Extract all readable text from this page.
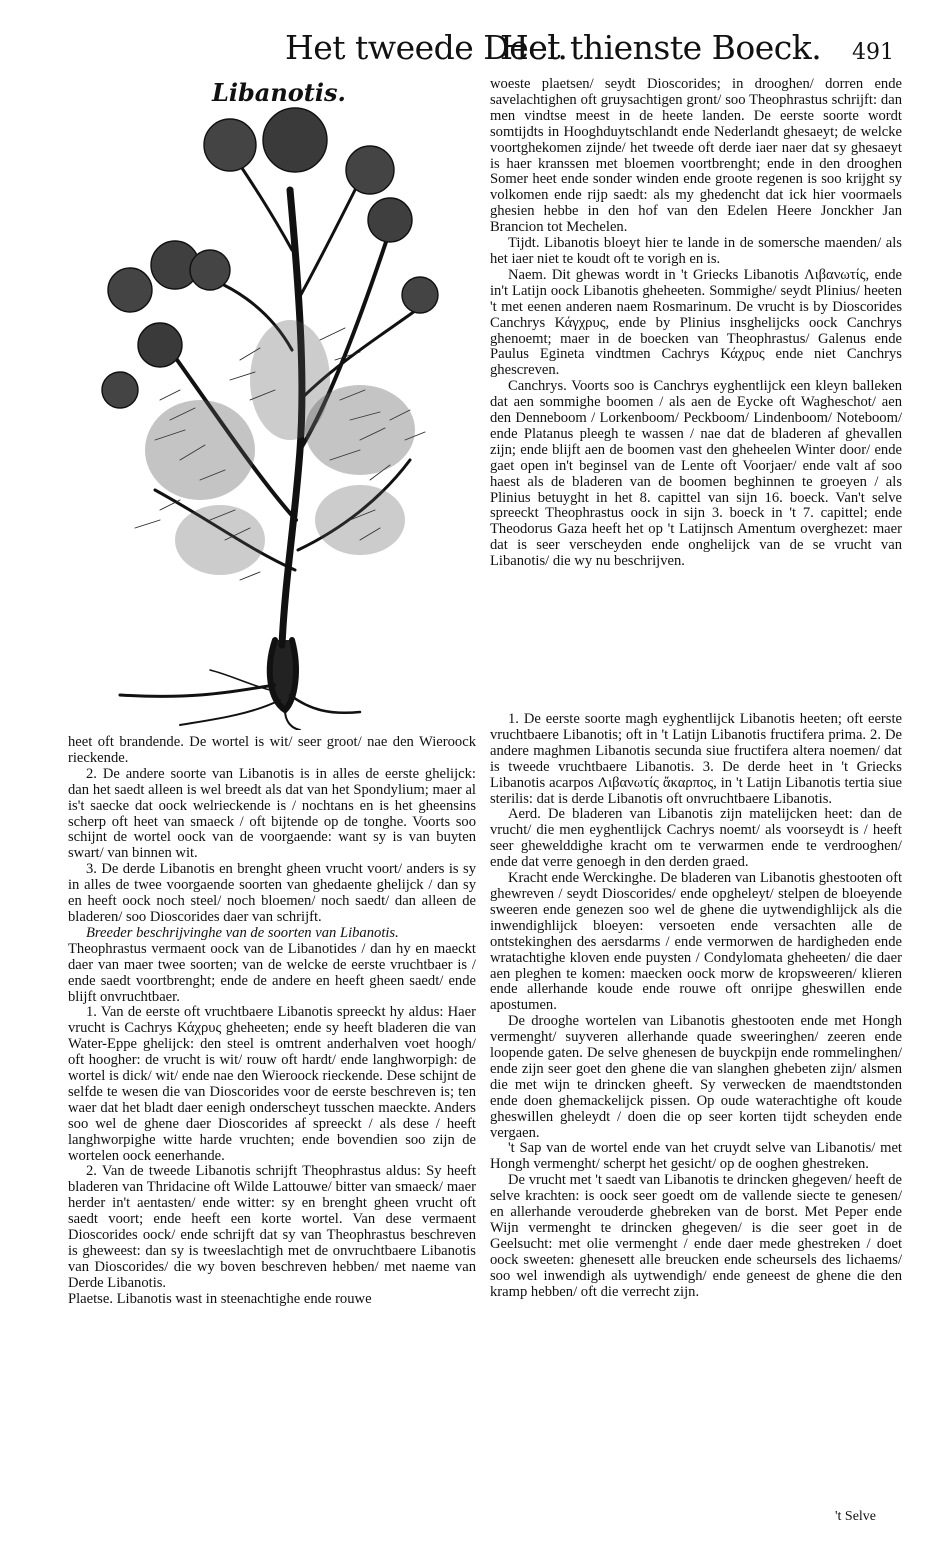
Het tweede Deel.
Het thienste Boeck. 491
Libanotis.

heet oft brandende. De wortel is wit/ seer groot/ nae den Wieroock rieckende.

2. De andere soorte van Libanotis is in alles de eerste ghelijck: dan het saedt alleen is wel breedt als dat van het Spondylium; maer al is't saecke dat oock welrieckende is / nochtans en is het gheensins scherp oft heet van smaeck / oft bijtende op de tonghe. Voorts soo schijnt de wortel oock van de voorgaende: want sy is van buyten swart/ van binnen wit.

3. De derde Libanotis en brenght gheen vrucht voort/ anders is sy in alles de twee voorgaende soorten van ghedaente ghelijck / dan sy en heeft oock noch steel/ noch bloemen/ noch saedt/ dan alleen de bladeren/ soo Dioscorides daer van schrijft.

Breeder beschrijvinghe van de soorten van Libanotis.

Theophrastus vermaent oock van de Libanotides / dan hy en maeckt daer van maer twee soorten; van de welcke de eerste vruchtbaer is / ende saedt voortbrenght; ende de andere en heeft gheen saedt/ ende blijft onvruchtbaer.

1. Van de eerste oft vruchtbaere Libanotis spreeckt hy aldus: Haer vrucht is Cachrys Κάχρυς gheheeten; ende sy heeft bladeren die van Water-Eppe ghelijck: den steel is omtrent anderhalven voet hoogh/ oft hoogher: de vrucht is wit/ rouw oft hardt/ ende langhworpigh: de wortel is dick/ wit/ ende nae den Wieroock rieckende. Dese schijnt de selfde te wesen die van Dioscorides voor de eerste beschreven is; ten waer dat het bladt daer eenigh onderscheyt tusschen maeckte. Anders soo wel de ghene daer Dioscorides af spreeckt / als dese / heeft langhworpighe witte harde vruchten; ende bovendien soo zijn de wortelen oock eenerhande.

2. Van de tweede Libanotis schrijft Theophrastus aldus: Sy heeft bladeren van Thridacine oft Wilde Lattouwe/ bitter van smaeck/ maer herder in't aentasten/ ende witter: sy en brenght gheen vrucht oft saedt voort; ende heeft een korte wortel. Van dese vermaent Dioscorides oock/ ende schrijft dat sy van Theophrastus beschreven is gheweest: dan sy is tweeslachtigh met de onvruchtbaere Libanotis van Dioscorides/ die wy boven beschreven hebben/ met naeme van Derde Libanotis.

Plaetse. Libanotis wast in steenachtighe ende rouwe

woeste plaetsen/ seydt Dioscorides; in drooghen/ dorren ende savelachtighen oft gruysachtigen gront/ soo Theophrastus schrijft: dan men vindtse meest in de heete landen. De eerste soorte wordt somtijdts in Hooghduytschlandt ende Nederlandt ghesaeyt; de welcke voortghekomen zijnde/ het tweede oft derde iaer naer dat sy ghesaeyt is haer kranssen met bloemen voortbrenght; ende in den drooghen Somer heet ende sonder winden ende groote regenen is soo krijght sy volkomen ende rijp saedt: als my ghedencht dat ick hier voormaels ghesien hebbe in den hof van den Edelen Heere Jonckher Jan Brancion tot Mechelen.

Tijdt. Libanotis bloeyt hier te lande in de somersche maenden/ als het iaer niet te koudt oft te vorigh en is.

Naem. Dit ghewas wordt in 't Griecks Libanotis Λιβανωτίς, ende in't Latijn oock Libanotis gheheeten. Sommighe/ seydt Plinius/ heeten 't met eenen anderen naem Rosmarinum. De vrucht is by Dioscorides Canchrys Κάγχρυς, ende by Plinius insghelijcks oock Canchrys ghenoemt; maer in de boecken van Theophrastus/ Galenus ende Paulus Egineta vindtmen Cachrys Κάχρυς ende niet Canchrys ghescreven.

Canchrys. Voorts soo is Canchrys eyghentlijck een kleyn balleken dat aen sommighe boomen / als aen de Eycke oft Wagheschot/ aen den Denneboom / Lorkenboom/ Peckboom/ Lindenboom/ Noteboom/ ende Platanus pleegh te wassen / nae dat de bladeren af ghevallen zijn; ende blijft aen de boomen vast den gheheelen Winter door/ ende gaet open in't beginsel van de Lente oft Voorjaer/ ende valt af soo haest als de bladeren van de boomen beghinnen te groeyen / als Plinius betuyght in het 8. capittel van sijn 16. boeck. Van't selve spreeckt Theophrastus oock in sijn 3. boeck in 't 7. capittel; ende Theodorus Gaza heeft het op 't Latijnsch Amentum overghezet: maer dat is seer verscheyden ende onghelijck van de se vrucht van Libanotis/ die wy nu beschrijven.

1. De eerste soorte magh eyghentlijck Libanotis heeten; oft eerste vruchtbaere Libanotis; oft in 't Latijn Libanotis fructifera prima. 2. De andere maghmen Libanotis secunda siue fructifera altera noemen/ dat is tweede vruchtbaere Libanotis. 3. De derde heet in 't Griecks Libanotis acarpos Λιβανωτίς ἄκαρπος, in 't Latijn Libanotis tertia siue sterilis: dat is derde Libanotis oft onvruchtbaere Libanotis.

Aerd. De bladeren van Libanotis zijn matelijcken heet: dan de vrucht/ die men eyghentlijck Cachrys noemt/ als voorseydt is / heeft seer ghewelddighe kracht om te verwarmen ende te verdrooghen/ ende dat verre genoegh in den derden graed.

Kracht ende Werckinghe. De bladeren van Libanotis ghestooten oft ghewreven / seydt Dioscorides/ ende opgheleyt/ stelpen de bloeyende sweeren ende genezen soo wel de ghene die uytwendighlijck als die inwendighlijck bloeyen: versoeten ende versachten alle de ontstekinghen des aersdarms / ende vermorwen de hardigheden ende wratachtighe kloven ende puysten / Condylomata gheheeten/ die daer aen pleghen te komen: maecken oock morw de kropsweeren/ klieren ende allerhande koude ende rouwe oft onrijpe gheswillen ende apostumen.

De drooghe wortelen van Libanotis ghestooten ende met Hongh vermenght/ suyveren allerhande quade sweeringhen/ zeeren ende loopende gaten. De selve ghenesen de buyckpijn ende rommelinghen/ ende zijn seer goet den ghene die van slanghen ghebeten zijn/ alsmen die met wijn te drincken gheeft. Sy verwecken de maendtstonden ende doen ghemackelijck pissen. Op oude waterachtighe oft koude gheswillen gheleydt / doen die op seer korten tijdt scheyden ende vergaen.

't Sap van de wortel ende van het cruydt selve van Libanotis/ met Hongh vermenght/ scherpt het gesicht/ op de ooghen ghestreken.

De vrucht met 't saedt van Libanotis te drincken ghegeven/ heeft de selve krachten: is oock seer goedt om de vallende siecte te genesen/ en allerhande verouderde ghebreken van de borst. Met Peper ende Wijn vermenght te drincken ghegeven/ is die seer goet in de Geelsucht: met olie vermenght / ende daer mede ghestreken / doet oock sweeten: ghenesett alle breucken ende scheursels des lichaems/ soo wel inwendigh als uytwendigh/ ende geneest de ghene die den kramp hebben/ oft die verrecht zijn.

't Selve
